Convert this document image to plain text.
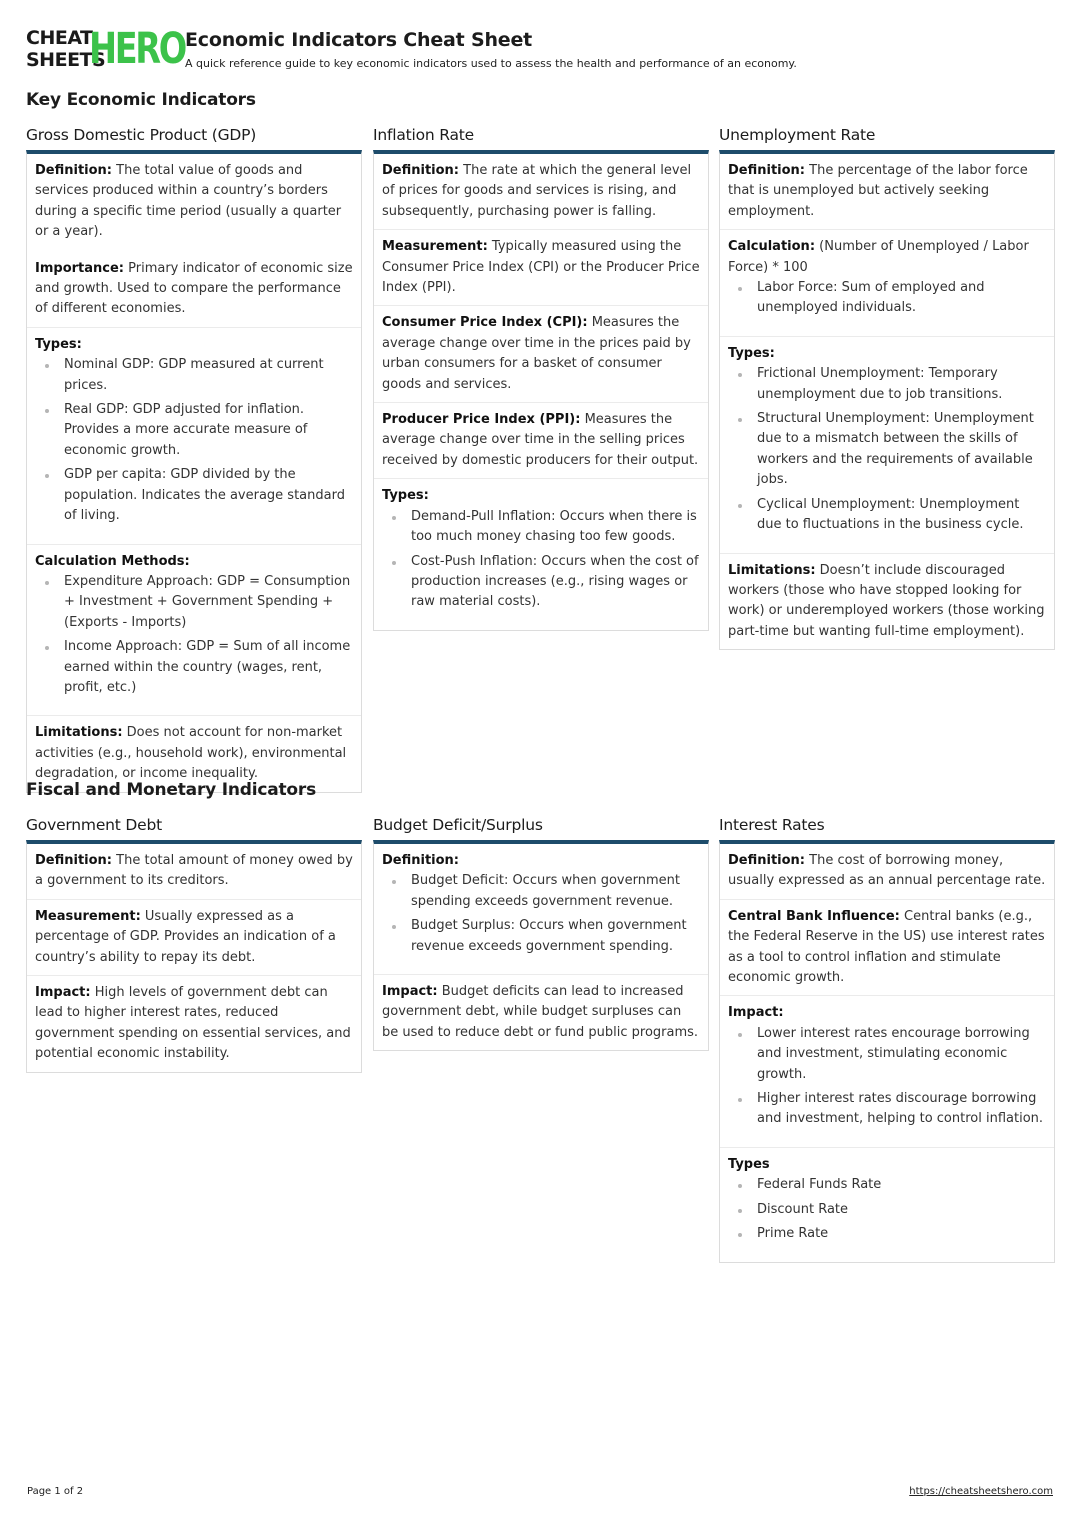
CHEAT
SHEETS
HERO Economic Indicators Cheat Sheet
A quick reference guide to key economic indicators used to assess the health and performance of an economy.
Key Economic Indicators
Gross Domestic Product (GDP)
Definition: The total value of goods and services produced within a country’s borders during a specific time period (usually a quarter or a year).
Importance: Primary indicator of economic size and growth. Used to compare the performance of different economies.
Types:
Nominal GDP: GDP measured at current prices.
Real GDP: GDP adjusted for inflation. Provides a more accurate measure of economic growth.
GDP per capita: GDP divided by the population. Indicates the average standard of living.
Calculation Methods:
Expenditure Approach: GDP = Consumption + Investment + Government Spending + (Exports - Imports)
Income Approach: GDP = Sum of all income earned within the country (wages, rent, profit, etc.)
Limitations: Does not account for non-market activities (e.g., household work), environmental degradation, or income inequality.
Inflation Rate
Definition: The rate at which the general level of prices for goods and services is rising, and subsequently, purchasing power is falling.
Measurement: Typically measured using the Consumer Price Index (CPI) or the Producer Price Index (PPI).
Consumer Price Index (CPI): Measures the average change over time in the prices paid by urban consumers for a basket of consumer goods and services.
Producer Price Index (PPI): Measures the average change over time in the selling prices received by domestic producers for their output.
Types:
Demand-Pull Inflation: Occurs when there is too much money chasing too few goods.
Cost-Push Inflation: Occurs when the cost of production increases (e.g., rising wages or raw material costs).
Unemployment Rate
Definition: The percentage of the labor force that is unemployed but actively seeking employment.
Calculation: (Number of Unemployed / Labor Force) * 100
Labor Force: Sum of employed and unemployed individuals.
Types:
Frictional Unemployment: Temporary unemployment due to job transitions.
Structural Unemployment: Unemployment due to a mismatch between the skills of workers and the requirements of available jobs.
Cyclical Unemployment: Unemployment due to fluctuations in the business cycle.
Limitations: Doesn’t include discouraged workers (those who have stopped looking for work) or underemployed workers (those working part-time but wanting full-time employment).
Fiscal and Monetary Indicators
Government Debt
Definition: The total amount of money owed by a government to its creditors.
Measurement: Usually expressed as a percentage of GDP. Provides an indication of a country’s ability to repay its debt.
Impact: High levels of government debt can lead to higher interest rates, reduced government spending on essential services, and potential economic instability.
Budget Deficit/Surplus
Definition:
Budget Deficit: Occurs when government spending exceeds government revenue.
Budget Surplus: Occurs when government revenue exceeds government spending.
Impact: Budget deficits can lead to increased government debt, while budget surpluses can be used to reduce debt or fund public programs.
Interest Rates
Definition: The cost of borrowing money, usually expressed as an annual percentage rate.
Central Bank Influence: Central banks (e.g., the Federal Reserve in the US) use interest rates as a tool to control inflation and stimulate economic growth.
Impact:
Lower interest rates encourage borrowing and investment, stimulating economic growth.
Higher interest rates discourage borrowing and investment, helping to control inflation.
Types
Federal Funds Rate
Discount Rate
Prime Rate
Page 1 of 2	https://cheatsheetshero.com
